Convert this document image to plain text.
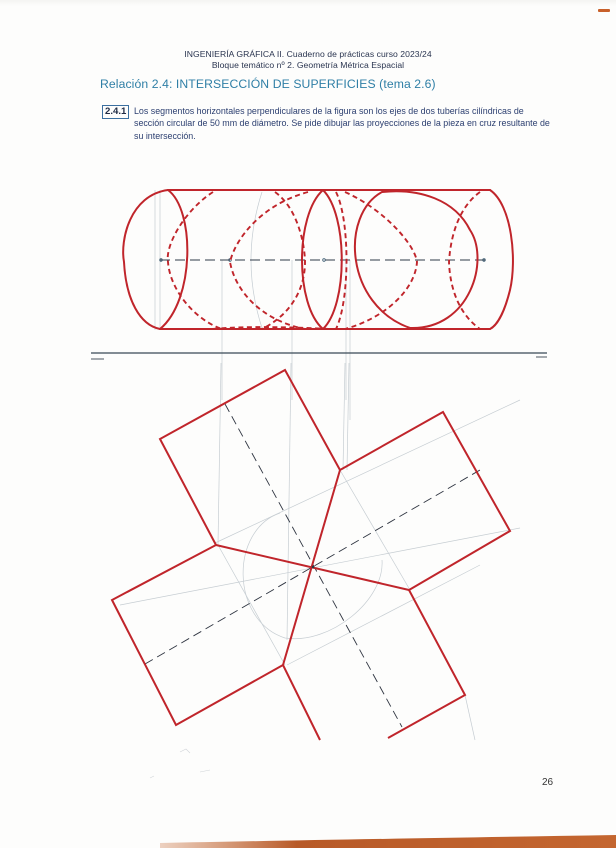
INGENIERÍA GRÁFICA II. Cuaderno de prácticas curso 2023/24
Bloque temático nº 2. Geometría Métrica Espacial
Relación 2.4: INTERSECCIÓN DE SUPERFICIES (tema 2.6)
2.4.1 Los segmentos horizontales perpendiculares de la figura son los ejes de dos tuberías cilíndricas de sección circular de 50 mm de diámetro. Se pide dibujar las proyecciones de la pieza en cruz resultante de su intersección.
26
